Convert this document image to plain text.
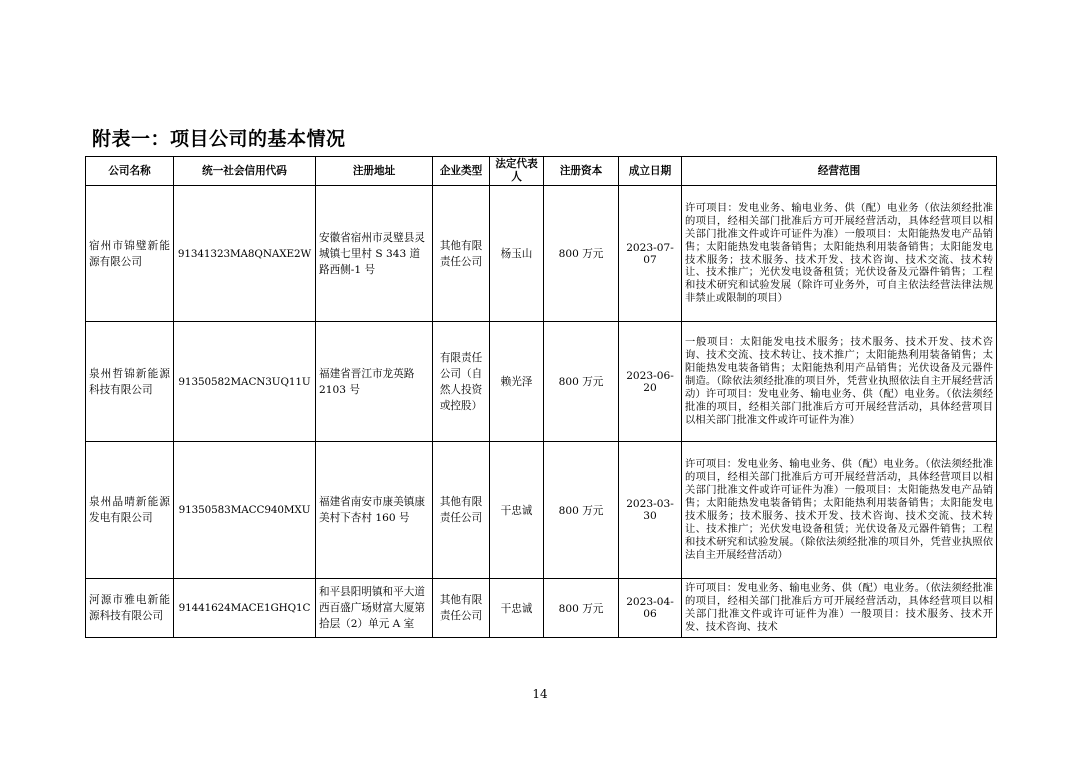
附表一：项目公司的基本情况
公司名称	统一社会信用代码	注册地址	企业类型	法定代表人	注册资本	成立日期	经营范围
宿州市锦璧新能源有限公司	91341323MA8QNAXE2W	安徽省宿州市灵璧县灵城镇七里村 S 343 道路西侧-1 号	其他有限责任公司	杨玉山	800 万元	2023-07-07	许可项目：发电业务、输电业务、供（配）电业务（依法须经批准的项目，经相关部门批准后方可开展经营活动，具体经营项目以相关部门批准文件或许可证件为准）一般项目：太阳能热发电产品销售；太阳能热发电装备销售；太阳能热利用装备销售；太阳能发电技术服务；技术服务、技术开发、技术咨询、技术交流、技术转让、技术推广；光伏发电设备租赁；光伏设备及元器件销售；工程和技术研究和试验发展（除许可业务外，可自主依法经营法律法规非禁止或限制的项目）
泉州哲锦新能源科技有限公司	91350582MACN3UQ11U	福建省晋江市龙英路 2103 号	有限责任公司（自然人投资或控股）	赖光泽	800 万元	2023-06-20	一般项目：太阳能发电技术服务；技术服务、技术开发、技术咨询、技术交流、技术转让、技术推广；太阳能热利用装备销售；太阳能热发电装备销售；太阳能热利用产品销售；光伏设备及元器件制造。（除依法须经批准的项目外，凭营业执照依法自主开展经营活动）许可项目：发电业务、输电业务、供（配）电业务。（依法须经批准的项目，经相关部门批准后方可开展经营活动，具体经营项目以相关部门批准文件或许可证件为准）
泉州晶晴新能源发电有限公司	91350583MACC940MXU	福建省南安市康美镇康美村下杏村 160 号	其他有限责任公司	干忠诚	800 万元	2023-03-30	许可项目：发电业务、输电业务、供（配）电业务。（依法须经批准的项目，经相关部门批准后方可开展经营活动，具体经营项目以相关部门批准文件或许可证件为准）一般项目：太阳能热发电产品销售；太阳能热发电装备销售；太阳能热利用装备销售；太阳能发电技术服务；技术服务、技术开发、技术咨询、技术交流、技术转让、技术推广；光伏发电设备租赁；光伏设备及元器件销售；工程和技术研究和试验发展。（除依法须经批准的项目外，凭营业执照依法自主开展经营活动）
河源市雅电新能源科技有限公司	91441624MACE1GHQ1C	和平县阳明镇和平大道西百盛广场财富大厦第拾层（2）单元 A 室	其他有限责任公司	干忠诚	800 万元	2023-04-06	许可项目：发电业务、输电业务、供（配）电业务。（依法须经批准的项目，经相关部门批准后方可开展经营活动，具体经营项目以相关部门批准文件或许可证件为准）一般项目：技术服务、技术开发、技术咨询、技术
14
